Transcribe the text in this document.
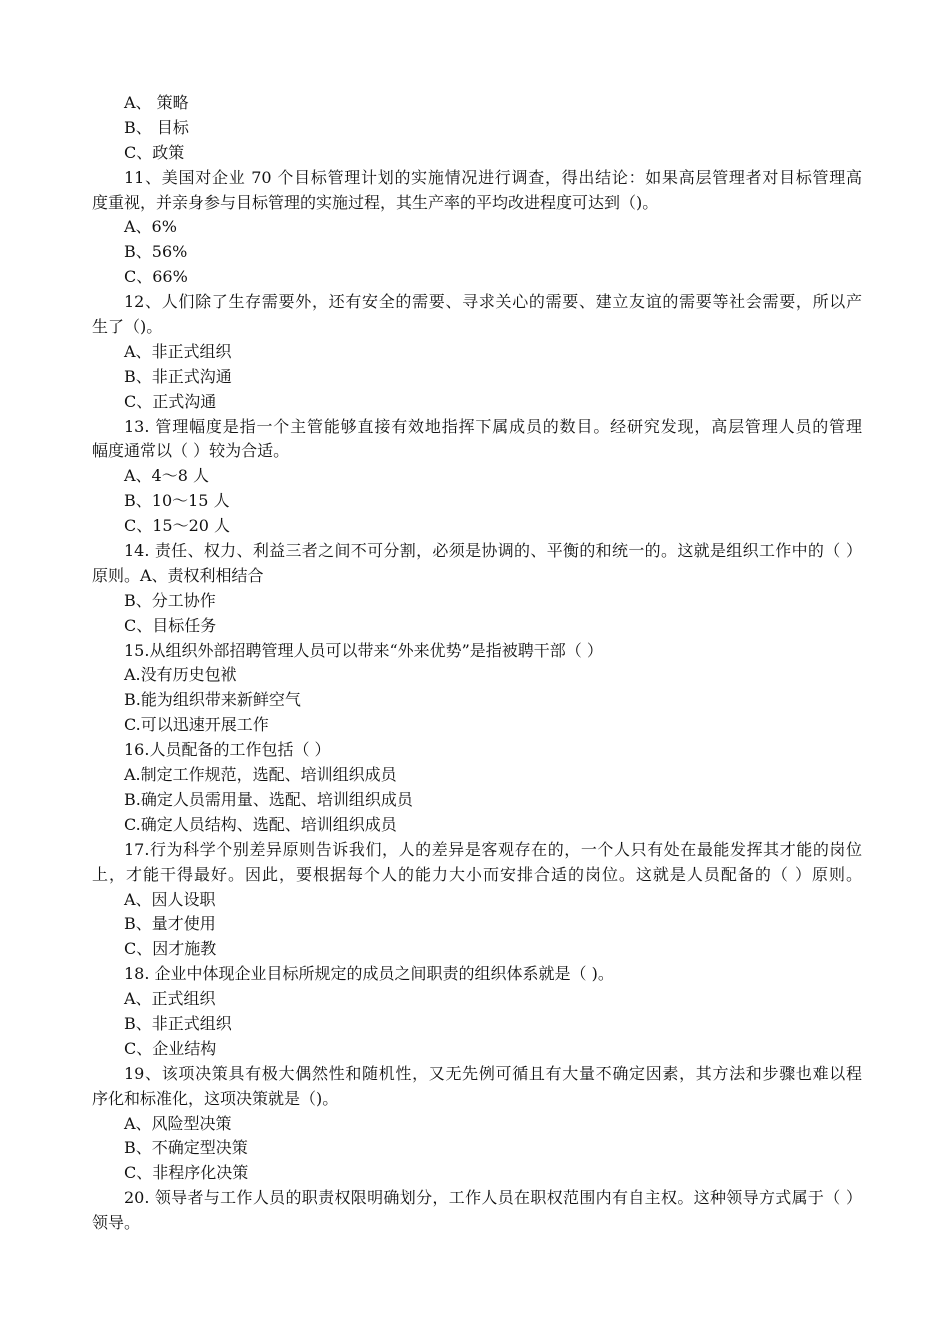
A、 策略
B、 目标
C、政策
11、美国对企业 70 个目标管理计划的实施情况进行调查，得出结论：如果高层管理者对目标管理高
度重视，并亲身参与目标管理的实施过程，其生产率的平均改进程度可达到（)。
A、6%
B、56%
C、66%
12、人们除了生存需要外，还有安全的需要、寻求关心的需要、建立友谊的需要等社会需要，所以产
生了（)。
A、非正式组织
B、非正式沟通
C、正式沟通
13. 管理幅度是指一个主管能够直接有效地指挥下属成员的数目。经研究发现，高层管理人员的管理
幅度通常以（ ）较为合适。
A、4～8 人
B、10～15 人
C、15～20 人
14. 责任、权力、利益三者之间不可分割，必须是协调的、平衡的和统一的。这就是组织工作中的（ ）
原则。A、责权利相结合
B、分工协作
C、目标任务
15.从组织外部招聘管理人员可以带来“外来优势”是指被聘干部（ ）
A.没有历史包袱
B.能为组织带来新鲜空气
C.可以迅速开展工作
16.人员配备的工作包括（ ）
A.制定工作规范，选配、培训组织成员
B.确定人员需用量、选配、培训组织成员
C.确定人员结构、选配、培训组织成员
17.行为科学个别差异原则告诉我们，人的差异是客观存在的，一个人只有处在最能发挥其才能的岗位
上，才能干得最好。因此，要根据每个人的能力大小而安排合适的岗位。这就是人员配备的（ ）原则。
A、因人设职
B、量才使用
C、因才施教
18. 企业中体现企业目标所规定的成员之间职责的组织体系就是（ )。
A、正式组织
B、非正式组织
C、企业结构
19、该项决策具有极大偶然性和随机性，又无先例可循且有大量不确定因素，其方法和步骤也难以程
序化和标准化，这项决策就是（)。
A、风险型决策
B、不确定型决策
C、非程序化决策
20. 领导者与工作人员的职责权限明确划分，工作人员在职权范围内有自主权。这种领导方式属于（ ）
领导。
